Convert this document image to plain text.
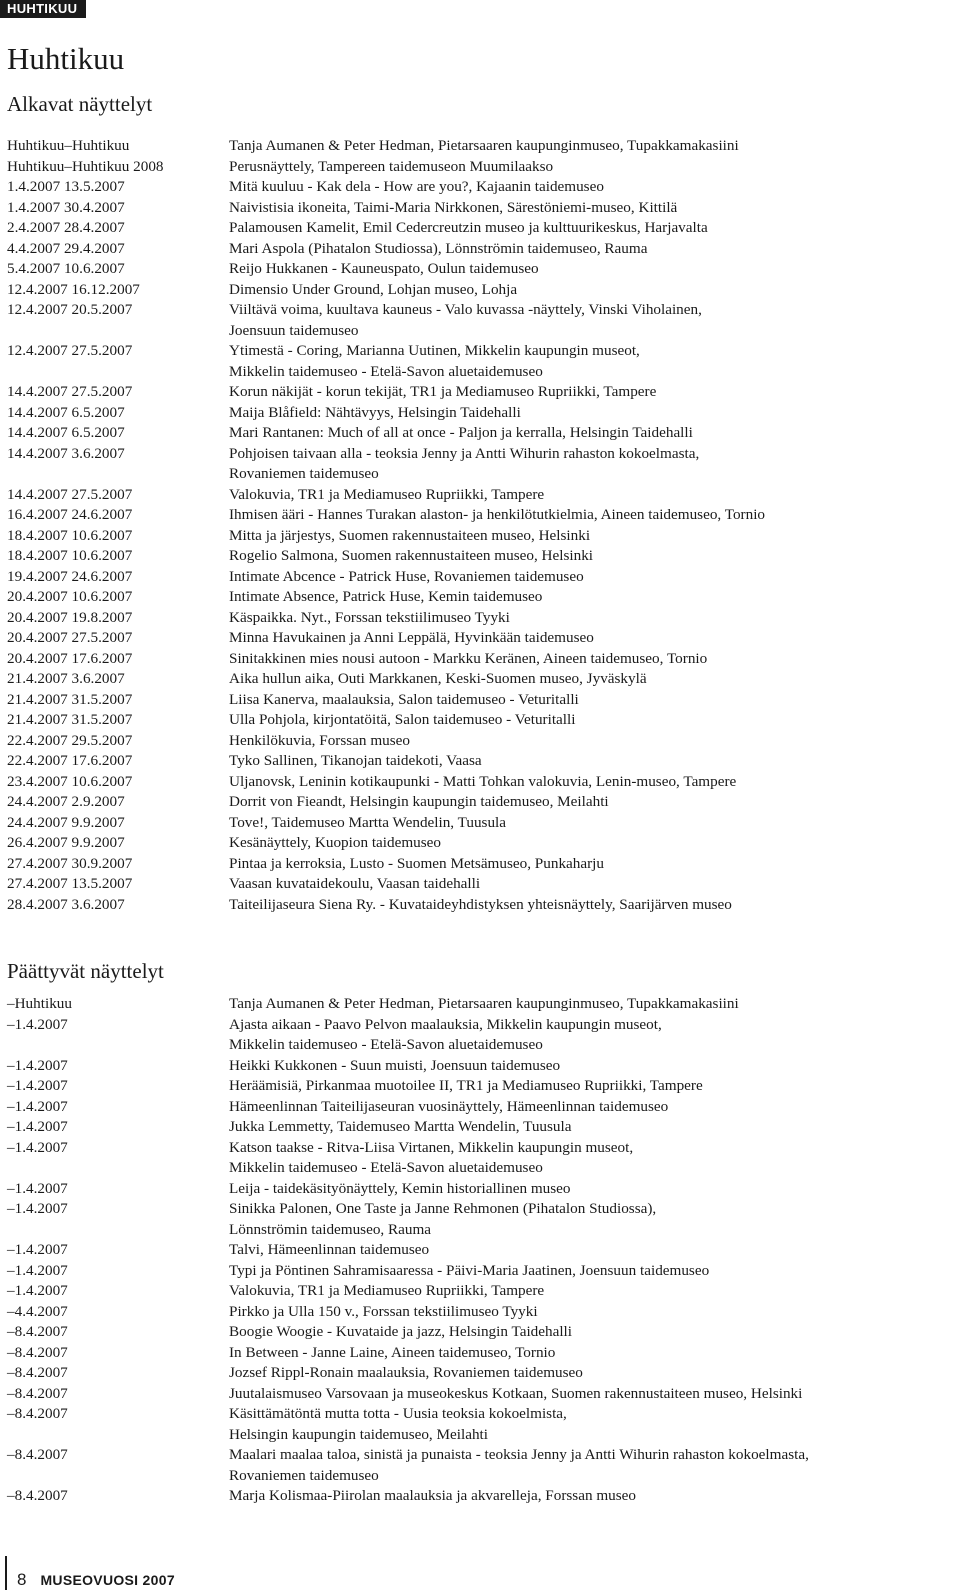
HUHTIKUU
Huhtikuu
Alkavat näyttelyt
Huhtikuu–Huhtikuu	Tanja Aumanen & Peter Hedman, Pietarsaaren kaupunginmuseo, Tupakkamakasiini
Huhtikuu–Huhtikuu 2008	Perusnäyttely, Tampereen taidemuseon Muumilaakso
1.4.2007 13.5.2007	Mitä kuuluu - Kak dela - How are you?, Kajaanin taidemuseo
1.4.2007 30.4.2007	Naivistisia ikoneita, Taimi-Maria Nirkkonen, Särestöniemi-museo, Kittilä
2.4.2007 28.4.2007	Palamousen Kamelit, Emil Cedercreutzin museo ja kulttuurikeskus, Harjavalta
4.4.2007 29.4.2007	Mari Aspola (Pihatalon Studiossa), Lönnströmin taidemuseo, Rauma
5.4.2007 10.6.2007	Reijo Hukkanen - Kauneuspato, Oulun taidemuseo
12.4.2007 16.12.2007	Dimensio Under Ground, Lohjan museo, Lohja
12.4.2007 20.5.2007	Viiltävä voima, kuultava kauneus - Valo kuvassa -näyttely, Vinski Viholainen,
Joensuun taidemuseo
12.4.2007 27.5.2007	Ytimestä - Coring, Marianna Uutinen, Mikkelin kaupungin museot,
Mikkelin taidemuseo - Etelä-Savon aluetaidemuseo
14.4.2007 27.5.2007	Korun näkijät - korun tekijät, TR1 ja Mediamuseo Rupriikki, Tampere
14.4.2007 6.5.2007	Maija Blåfield: Nähtävyys, Helsingin Taidehalli
14.4.2007 6.5.2007	Mari Rantanen: Much of all at once - Paljon ja kerralla, Helsingin Taidehalli
14.4.2007 3.6.2007	Pohjoisen taivaan alla - teoksia Jenny ja Antti Wihurin rahaston kokoelmasta,
Rovaniemen taidemuseo
14.4.2007 27.5.2007	Valokuvia, TR1 ja Mediamuseo Rupriikki, Tampere
16.4.2007 24.6.2007	Ihmisen ääri - Hannes Turakan alaston- ja henkilötutkielmia, Aineen taidemuseo, Tornio
18.4.2007 10.6.2007	Mitta ja järjestys, Suomen rakennustaiteen museo, Helsinki
18.4.2007 10.6.2007	Rogelio Salmona, Suomen rakennustaiteen museo, Helsinki
19.4.2007 24.6.2007	Intimate Abcence - Patrick Huse, Rovaniemen taidemuseo
20.4.2007 10.6.2007	Intimate Absence, Patrick Huse, Kemin taidemuseo
20.4.2007 19.8.2007	Käspaikka. Nyt., Forssan tekstiilimuseo Tyyki
20.4.2007 27.5.2007	Minna Havukainen ja Anni Leppälä, Hyvinkään taidemuseo
20.4.2007 17.6.2007	Sinitakkinen mies nousi autoon - Markku Keränen, Aineen taidemuseo, Tornio
21.4.2007 3.6.2007	Aika hullun aika, Outi Markkanen, Keski-Suomen museo, Jyväskylä
21.4.2007 31.5.2007	Liisa Kanerva, maalauksia, Salon taidemuseo - Veturitalli
21.4.2007 31.5.2007	Ulla Pohjola, kirjontatöitä, Salon taidemuseo - Veturitalli
22.4.2007 29.5.2007	Henkilökuvia, Forssan museo
22.4.2007 17.6.2007	Tyko Sallinen, Tikanojan taidekoti, Vaasa
23.4.2007 10.6.2007	Uljanovsk, Leninin kotikaupunki - Matti Tohkan valokuvia, Lenin-museo, Tampere
24.4.2007 2.9.2007	Dorrit von Fieandt, Helsingin kaupungin taidemuseo, Meilahti
24.4.2007 9.9.2007	Tove!, Taidemuseo Martta Wendelin, Tuusula
26.4.2007 9.9.2007	Kesänäyttely, Kuopion taidemuseo
27.4.2007 30.9.2007	Pintaa ja kerroksia, Lusto - Suomen Metsämuseo, Punkaharju
27.4.2007 13.5.2007	Vaasan kuvataidekoulu, Vaasan taidehalli
28.4.2007 3.6.2007	Taiteilijaseura Siena Ry. - Kuvataideyhdistyksen yhteisnäyttely, Saarijärven museo
Päättyvät näyttelyt
–Huhtikuu	Tanja Aumanen & Peter Hedman, Pietarsaaren kaupunginmuseo, Tupakkamakasiini
–1.4.2007	Ajasta aikaan - Paavo Pelvon maalauksia, Mikkelin kaupungin museot,
Mikkelin taidemuseo - Etelä-Savon aluetaidemuseo
–1.4.2007	Heikki Kukkonen - Suun muisti, Joensuun taidemuseo
–1.4.2007	Heräämisiä, Pirkanmaa muotoilee II, TR1 ja Mediamuseo Rupriikki, Tampere
–1.4.2007	Hämeenlinnan Taiteilijaseuran vuosinäyttely, Hämeenlinnan taidemuseo
–1.4.2007	Jukka Lemmetty, Taidemuseo Martta Wendelin, Tuusula
–1.4.2007	Katson taakse - Ritva-Liisa Virtanen, Mikkelin kaupungin museot,
Mikkelin taidemuseo - Etelä-Savon aluetaidemuseo
–1.4.2007	Leija - taidekäsityönäyttely, Kemin historiallinen museo
–1.4.2007	Sinikka Palonen, One Taste ja Janne Rehmonen (Pihatalon Studiossa),
Lönnströmin taidemuseo, Rauma
–1.4.2007	Talvi, Hämeenlinnan taidemuseo
–1.4.2007	Typi ja Pöntinen Sahramisaaressa - Päivi-Maria Jaatinen, Joensuun taidemuseo
–1.4.2007	Valokuvia, TR1 ja Mediamuseo Rupriikki, Tampere
–4.4.2007	Pirkko ja Ulla 150 v., Forssan tekstiilimuseo Tyyki
–8.4.2007	Boogie Woogie - Kuvataide ja jazz, Helsingin Taidehalli
–8.4.2007	In Between - Janne Laine, Aineen taidemuseo, Tornio
–8.4.2007	Jozsef Rippl-Ronain maalauksia, Rovaniemen taidemuseo
–8.4.2007	Juutalaismuseo Varsovaan ja museokeskus Kotkaan, Suomen rakennustaiteen museo, Helsinki
–8.4.2007	Käsittämätöntä mutta totta - Uusia teoksia kokoelmista,
Helsingin kaupungin taidemuseo, Meilahti
–8.4.2007	Maalari maalaa taloa, sinistä ja punaista - teoksia Jenny ja Antti Wihurin rahaston kokoelmasta,
Rovaniemen taidemuseo
–8.4.2007	Marja Kolismaa-Piirolan maalauksia ja akvarelleja, Forssan museo
8 MUSEOVUOSI 2007
